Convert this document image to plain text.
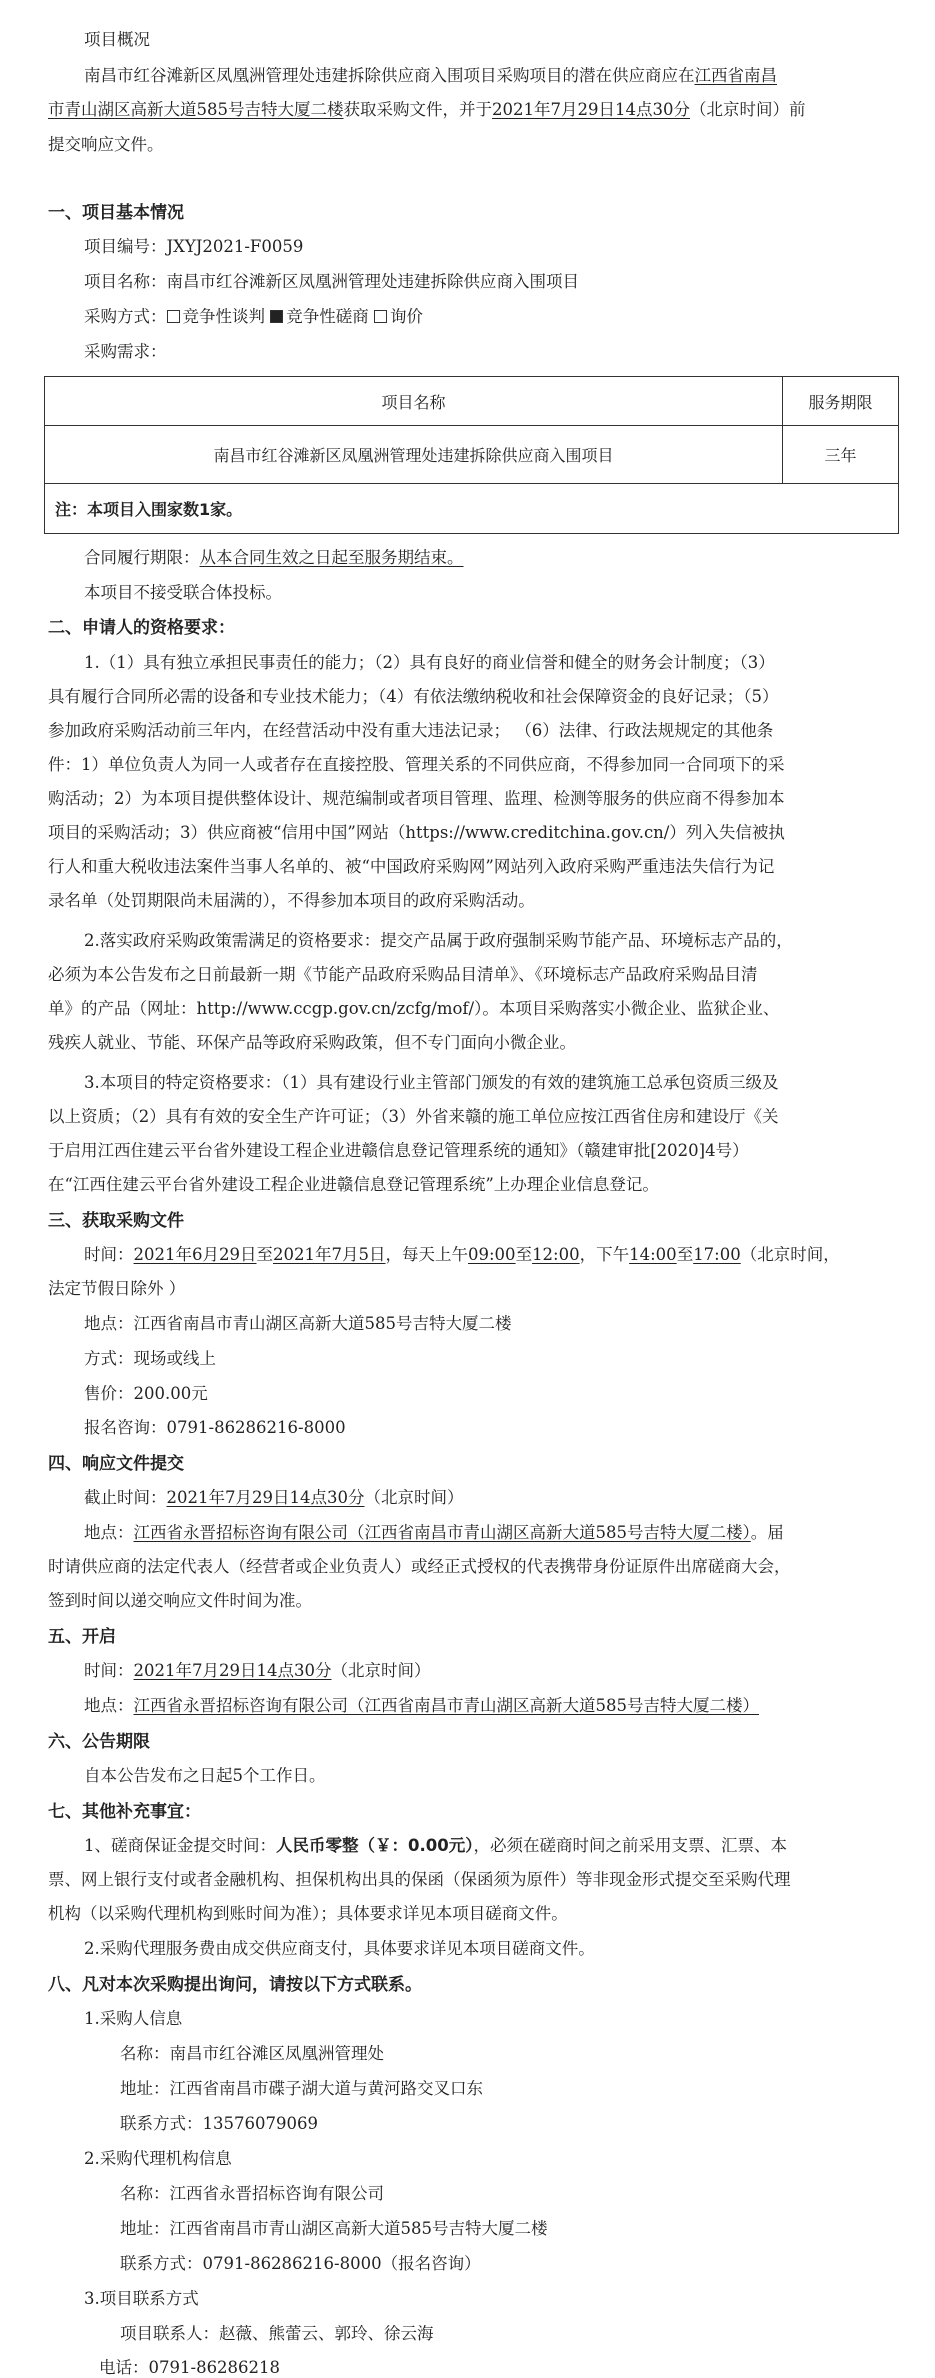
项目概况
南昌市红谷滩新区凤凰洲管理处违建拆除供应商入围项目采购项目的潜在供应商应在江西省南昌
市青山湖区高新大道585号吉特大厦二楼获取采购文件，并于2021年7月29日14点30分（北京时间）前
提交响应文件。
一、项目基本情况
项目编号：JXYJ2021-F0059
项目名称：南昌市红谷滩新区凤凰洲管理处违建拆除供应商入围项目
采购方式： 竞争性谈判 竞争性磋商 询价
采购需求：
项目名称	服务期限
南昌市红谷滩新区凤凰洲管理处违建拆除供应商入围项目	三年
注：本项目入围家数1家。	
合同履行期限：从本合同生效之日起至服务期结束。
本项目不接受联合体投标。
二、申请人的资格要求：
1.（1）具有独立承担民事责任的能力；（2）具有良好的商业信誉和健全的财务会计制度；（3）
具有履行合同所必需的设备和专业技术能力；（4）有依法缴纳税收和社会保障资金的良好记录；（5）
参加政府采购活动前三年内，在经营活动中没有重大违法记录； （6）法律、行政法规规定的其他条
件：1）单位负责人为同一人或者存在直接控股、管理关系的不同供应商，不得参加同一合同项下的采
购活动；2）为本项目提供整体设计、规范编制或者项目管理、监理、检测等服务的供应商不得参加本
项目的采购活动；3）供应商被“信用中国”网站（https://www.creditchina.gov.cn/）列入失信被执
行人和重大税收违法案件当事人名单的、被“中国政府采购网”网站列入政府采购严重违法失信行为记
录名单（处罚期限尚未届满的），不得参加本项目的政府采购活动。
2.落实政府采购政策需满足的资格要求：提交产品属于政府强制采购节能产品、环境标志产品的，
必须为本公告发布之日前最新一期《节能产品政府采购品目清单》、《环境标志产品政府采购品目清
单》的产品（网址：http://www.ccgp.gov.cn/zcfg/mof/）。本项目采购落实小微企业、监狱企业、
残疾人就业、节能、环保产品等政府采购政策，但不专门面向小微企业。
3.本项目的特定资格要求：（1）具有建设行业主管部门颁发的有效的建筑施工总承包资质三级及
以上资质；（2）具有有效的安全生产许可证；（3）外省来赣的施工单位应按江西省住房和建设厅《关
于启用江西住建云平台省外建设工程企业进赣信息登记管理系统的通知》（赣建审批[2020]4号）
在“江西住建云平台省外建设工程企业进赣信息登记管理系统”上办理企业信息登记。
三、获取采购文件
时间：2021年6月29日至2021年7月5日，每天上午09:00至12:00，下午14:00至17:00（北京时间，
法定节假日除外 ）
地点：江西省南昌市青山湖区高新大道585号吉特大厦二楼
方式：现场或线上
售价：200.00元
报名咨询：0791-86286216-8000
四、响应文件提交
截止时间：2021年7月29日14点30分（北京时间）
地点：江西省永晋招标咨询有限公司（江西省南昌市青山湖区高新大道585号吉特大厦二楼）。届
时请供应商的法定代表人（经营者或企业负责人）或经正式授权的代表携带身份证原件出席磋商大会，
签到时间以递交响应文件时间为准。
五、开启
时间：2021年7月29日14点30分（北京时间）
地点：江西省永晋招标咨询有限公司（江西省南昌市青山湖区高新大道585号吉特大厦二楼）
六、公告期限
自本公告发布之日起5个工作日。
七、其他补充事宜：
1、磋商保证金提交时间：人民币零整（￥：0.00元），必须在磋商时间之前采用支票、汇票、本
票、网上银行支付或者金融机构、担保机构出具的保函（保函须为原件）等非现金形式提交至采购代理
机构（以采购代理机构到账时间为准）；具体要求详见本项目磋商文件。
2.采购代理服务费由成交供应商支付，具体要求详见本项目磋商文件。
八、凡对本次采购提出询问，请按以下方式联系。
1.采购人信息
名称：南昌市红谷滩区凤凰洲管理处
地址：江西省南昌市碟子湖大道与黄河路交叉口东
联系方式：13576079069
2.采购代理机构信息
名称：江西省永晋招标咨询有限公司
地址：江西省南昌市青山湖区高新大道585号吉特大厦二楼
联系方式：0791-86286216-8000（报名咨询）
3.项目联系方式
项目联系人：赵薇、熊蕾云、郭玲、徐云海
电话：0791-86286218
